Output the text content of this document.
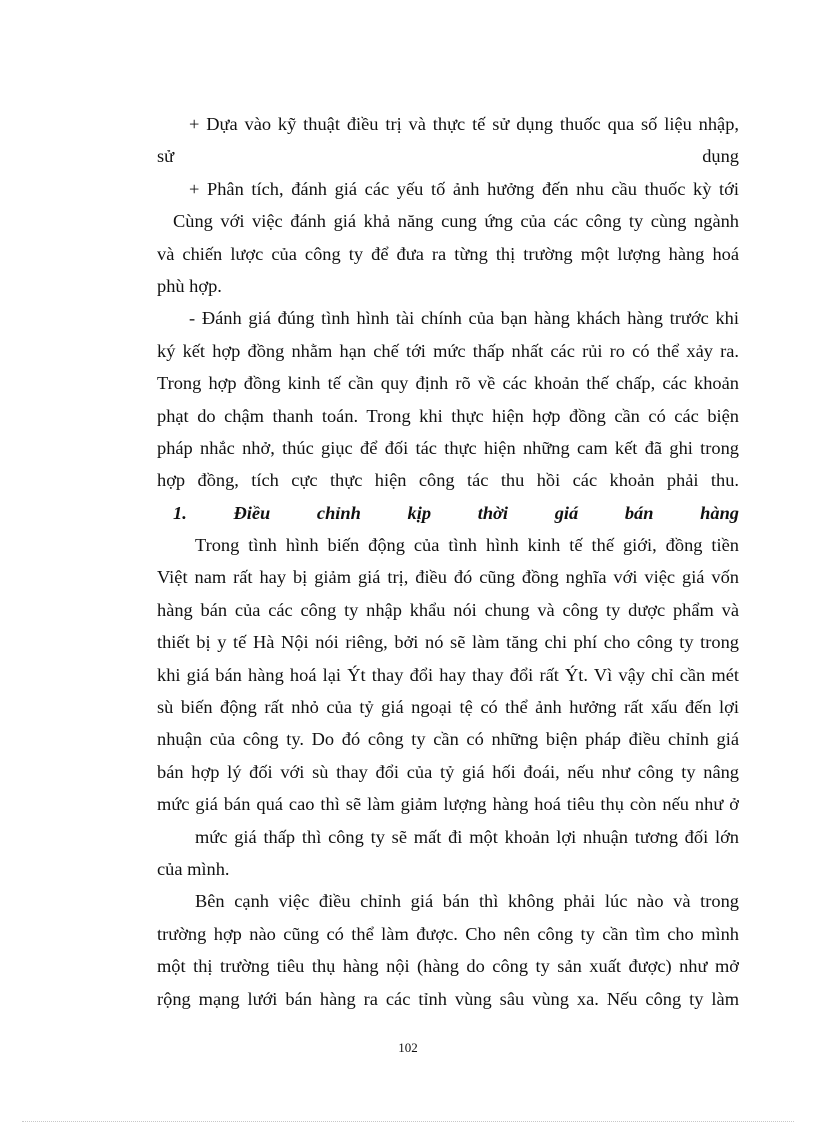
+ Dựa vào kỹ thuật điều trị và thực tế sử dụng thuốc qua số liệu nhập,
sử dụng
+ Phân tích, đánh giá các yếu tố ảnh hưởng đến nhu cầu thuốc kỳ tới
Cùng với việc đánh giá khả năng cung ứng của các công ty cùng ngành
và chiến lược của công ty để đưa ra từng thị trường một lượng hàng hoá
phù hợp.
- Đánh giá đúng tình hình tài chính của bạn hàng khách hàng trước khi
ký kết hợp đồng nhằm hạn chế tới mức thấp nhất các rủi ro có thể xảy ra.
Trong hợp đồng kinh tế cần quy định rõ về các khoản thế chấp, các khoản
phạt do chậm thanh toán. Trong khi thực hiện hợp đồng cần có các biện
pháp nhắc nhở, thúc giục để đối tác thực hiện những cam kết đã ghi trong
hợp đồng, tích cực thực hiện công tác thu hồi các khoản phải thu.
1. Điều chỉnh kịp thời giá bán hàng
Trong tình hình biến động của tình hình kinh tế thế giới, đồng tiền
Việt nam rất hay bị giảm giá trị, điều đó cũng đồng nghĩa với việc giá vốn
hàng bán của các công ty nhập khẩu nói chung và công ty dược phẩm và
thiết bị y tế Hà Nội nói riêng, bởi nó sẽ làm tăng chi phí cho công ty trong
khi giá bán hàng hoá lại Ýt thay đổi hay thay đổi rất Ýt. Vì vậy chỉ cần mét
sù biến động rất nhỏ của tỷ giá ngoại tệ có thể ảnh hưởng rất xấu đến lợi
nhuận của công ty. Do đó công ty cần có những biện pháp điều chỉnh giá
bán hợp lý đối với sù thay đổi của tỷ giá hối đoái, nếu như công ty nâng
mức giá bán quá cao thì sẽ làm giảm lượng hàng hoá tiêu thụ còn nếu như ở
mức giá thấp thì công ty sẽ mất đi một khoản lợi nhuận tương đối lớn
của mình.
Bên cạnh việc điều chỉnh giá bán thì không phải lúc nào và trong
trường hợp nào cũng có thể làm được. Cho nên công ty cần tìm cho mình
một thị trường tiêu thụ hàng nội (hàng do công ty sản xuất được) như mở
rộng mạng lưới bán hàng ra các tỉnh vùng sâu vùng xa. Nếu công ty làm
102
